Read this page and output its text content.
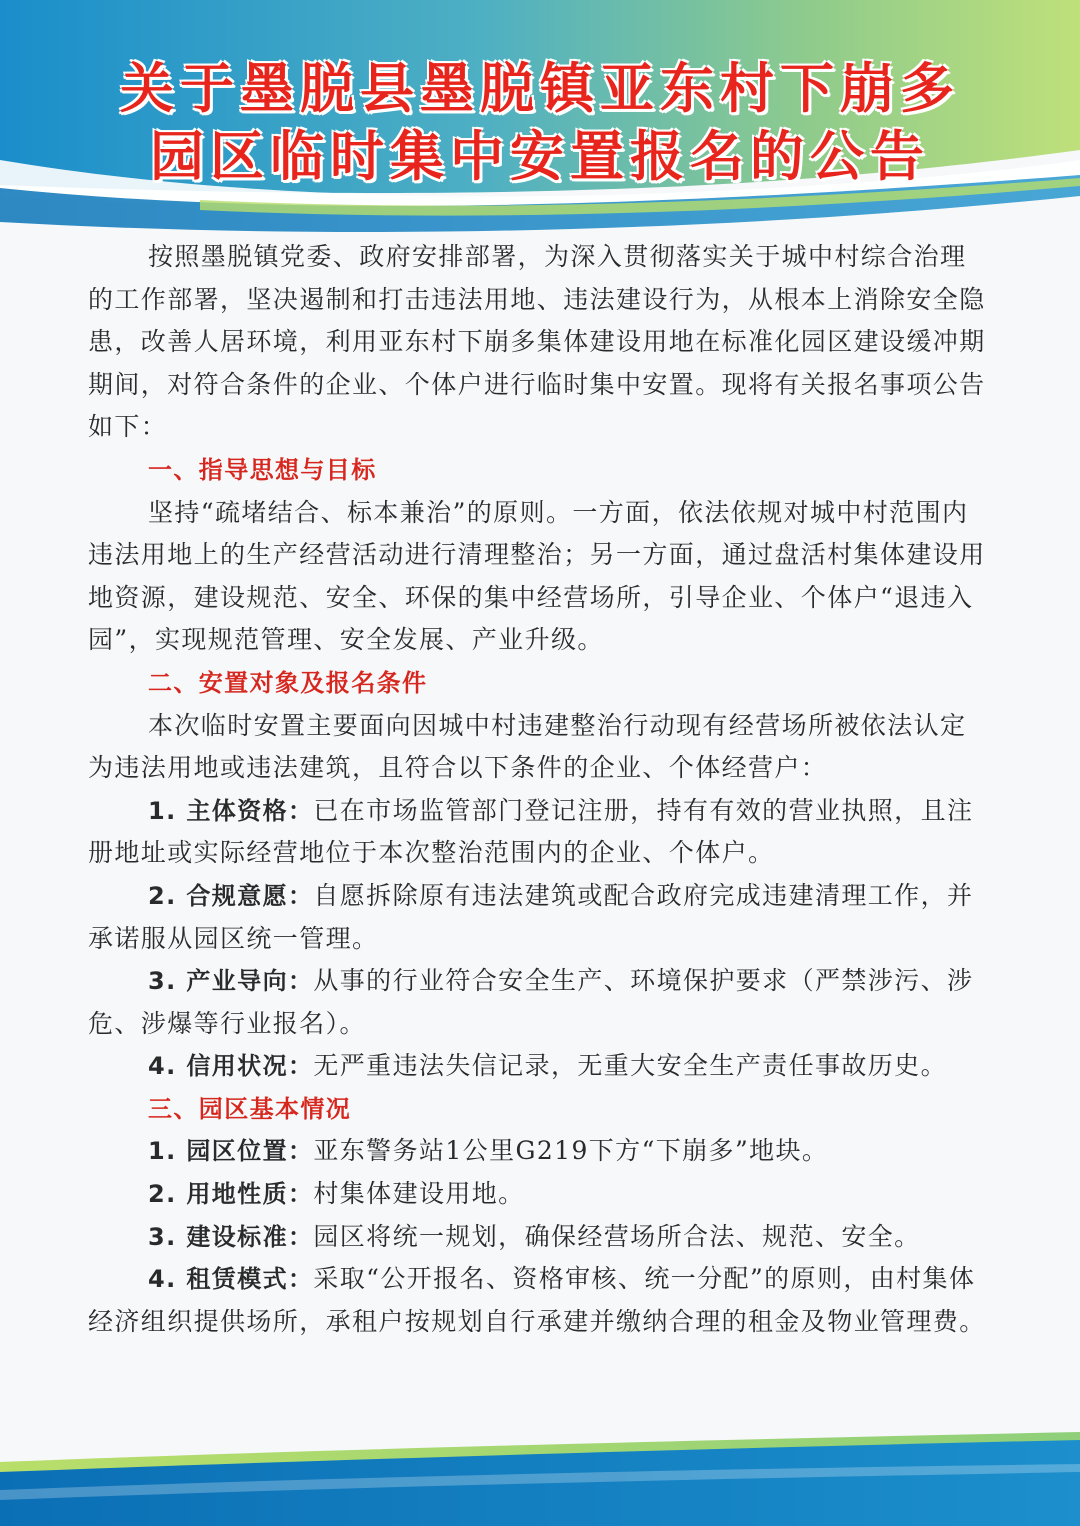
关于墨脱县墨脱镇亚东村下崩多
园区临时集中安置报名的公告

按照墨脱镇党委、政府安排部署，为深入贯彻落实关于城中村综合治理的工作部署，坚决遏制和打击违法用地、违法建设行为，从根本上消除安全隐患，改善人居环境，利用亚东村下崩多集体建设用地在标准化园区建设缓冲期期间，对符合条件的企业、个体户进行临时集中安置。现将有关报名事项公告如下：

一、指导思想与目标

坚持“疏堵结合、标本兼治”的原则。一方面，依法依规对城中村范围内违法用地上的生产经营活动进行清理整治；另一方面，通过盘活村集体建设用地资源，建设规范、安全、环保的集中经营场所，引导企业、个体户“退违入园”，实现规范管理、安全发展、产业升级。

二、安置对象及报名条件

本次临时安置主要面向因城中村违建整治行动现有经营场所被依法认定为违法用地或违法建筑，且符合以下条件的企业、个体经营户：

1. 主体资格：已在市场监管部门登记注册，持有有效的营业执照，且注册地址或实际经营地位于本次整治范围内的企业、个体户。

2. 合规意愿：自愿拆除原有违法建筑或配合政府完成违建清理工作，并承诺服从园区统一管理。

3. 产业导向：从事的行业符合安全生产、环境保护要求（严禁涉污、涉危、涉爆等行业报名）。

4. 信用状况：无严重违法失信记录，无重大安全生产责任事故历史。

三、园区基本情况

1. 园区位置：亚东警务站1公里G219下方“下崩多”地块。

2. 用地性质：村集体建设用地。

3. 建设标准：园区将统一规划，确保经营场所合法、规范、安全。

4. 租赁模式：采取“公开报名、资格审核、统一分配”的原则，由村集体经济组织提供场所，承租户按规划自行承建并缴纳合理的租金及物业管理费。
